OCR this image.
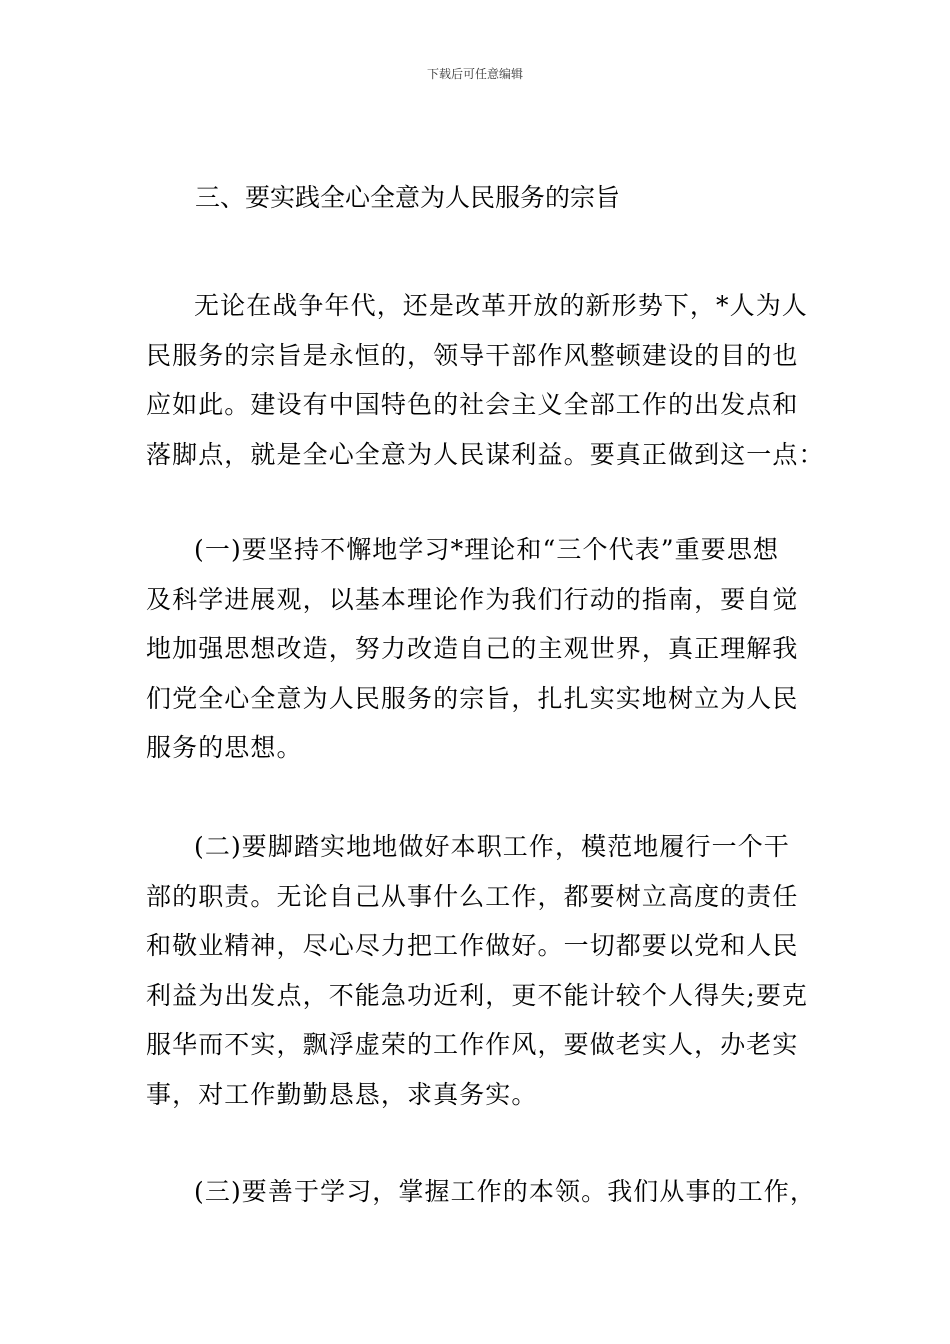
下载后可任意编辑
三、要实践全心全意为人民服务的宗旨
无论在战争年代，还是改革开放的新形势下，*人为人
民服务的宗旨是永恒的，领导干部作风整顿建设的目的也
应如此。建设有中国特色的社会主义全部工作的出发点和
落脚点，就是全心全意为人民谋利益。要真正做到这一点：
(一)要坚持不懈地学习*理论和“三个代表”重要思想
及科学进展观，以基本理论作为我们行动的指南，要自觉
地加强思想改造，努力改造自己的主观世界，真正理解我
们党全心全意为人民服务的宗旨，扎扎实实地树立为人民
服务的思想。
(二)要脚踏实地地做好本职工作，模范地履行一个干
部的职责。无论自己从事什么工作，都要树立高度的责任
和敬业精神，尽心尽力把工作做好。一切都要以党和人民
利益为出发点，不能急功近利，更不能计较个人得失;要克
服华而不实，飘浮虚荣的工作作风，要做老实人，办老实
事，对工作勤勤恳恳，求真务实。
(三)要善于学习，掌握工作的本领。我们从事的工作，
